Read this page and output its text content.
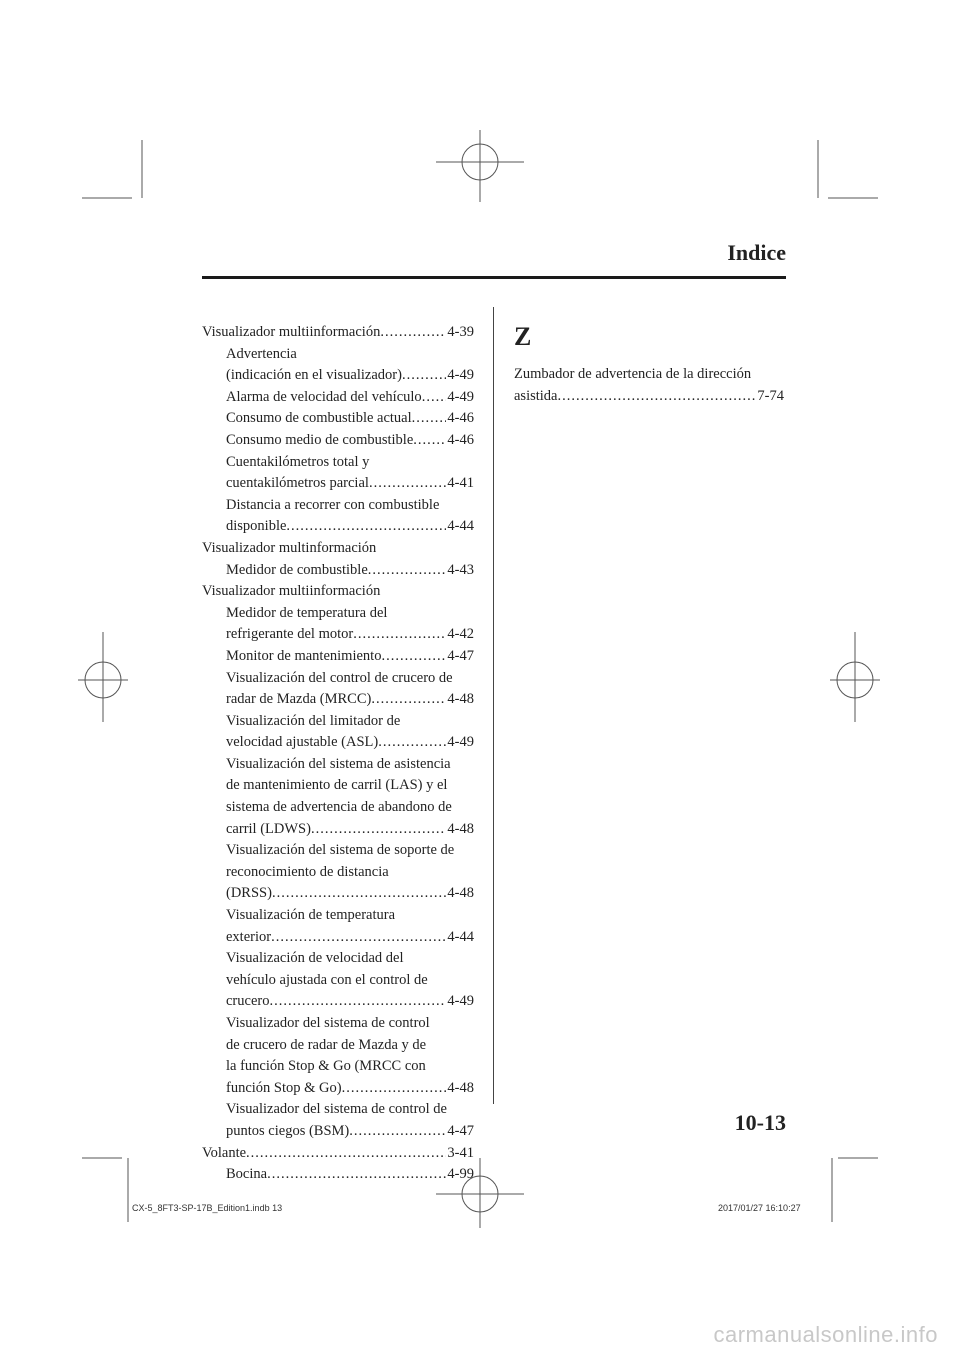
Indice
Visualizador multiinformación .....	4-39
Advertencia
(indicación en el visualizador) .....	4-49
Alarma de velocidad del vehículo ..... 4-49
Consumo de combustible actual ..... 4-46
Consumo medio de combustible ..... 4-46
Cuentakilómetros total y
cuentakilómetros parcial .....	4-41
Distancia a recorrer con combustible
disponible .....	4-44
Visualizador multinformación
Medidor de combustible .....	4-43
Visualizador multiinformación
Medidor de temperatura del
refrigerante del motor .....	4-42
Monitor de mantenimiento .....	4-47
Visualización del control de crucero de
radar de Mazda (MRCC) .....	4-48
Visualización del limitador de
velocidad ajustable (ASL) .....	4-49
Visualización del sistema de asistencia
de mantenimiento de carril (LAS) y el
sistema de advertencia de abandono de
carril (LDWS) .....	4-48
Visualización del sistema de soporte de
reconocimiento de distancia
(DRSS) .....	4-48
Visualización de temperatura
exterior .....	4-44
Visualización de velocidad del
vehículo ajustada con el control de
crucero .....	4-49
Visualizador del sistema de control
de crucero de radar de Mazda y de
la función Stop & Go (MRCC con
función Stop & Go) .....	4-48
Visualizador del sistema de control de
puntos ciegos (BSM) .....	4-47
Volante .....	3-41
Bocina .....	4-99
Z
Zumbador de advertencia de la dirección
asistida .....	7-74
10-13
CX-5_8FT3-SP-17B_Edition1.indb 13	2017/01/27 16:10:27
carmanualsonline.info
